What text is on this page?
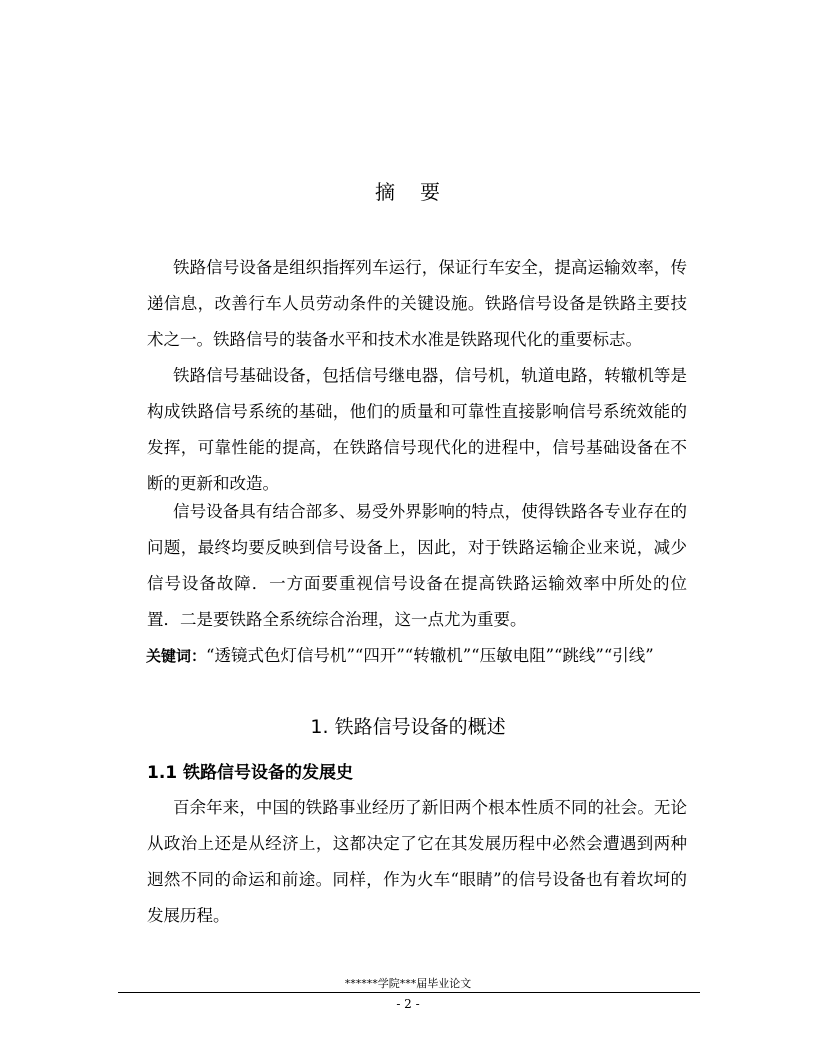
摘 要

铁路信号设备是组织指挥列车运行，保证行车安全，提高运输效率，传递信息，改善行车人员劳动条件的关键设施。铁路信号设备是铁路主要技术之一。铁路信号的装备水平和技术水准是铁路现代化的重要标志。

铁路信号基础设备，包括信号继电器，信号机，轨道电路，转辙机等是构成铁路信号系统的基础，他们的质量和可靠性直接影响信号系统效能的发挥，可靠性能的提高，在铁路信号现代化的进程中，信号基础设备在不断的更新和改造。

信号设备具有结合部多、易受外界影响的特点，使得铁路各专业存在的问题，最终均要反映到信号设备上，因此，对于铁路运输企业来说，减少信号设备故障．一方面要重视信号设备在提高铁路运输效率中所处的位置．二是要铁路全系统综合治理，这一点尤为重要。

关键词：“透镜式色灯信号机”“四开”“转辙机”“压敏电阻”“跳线”“引线”

1. 铁路信号设备的概述
1.1 铁路信号设备的发展史

百余年来，中国的铁路事业经历了新旧两个根本性质不同的社会。无论从政治上还是从经济上，这都决定了它在其发展历程中必然会遭遇到两种迥然不同的命运和前途。同样，作为火车“眼睛”的信号设备也有着坎坷的发展历程。

******学院***届毕业论文
- 2 -
